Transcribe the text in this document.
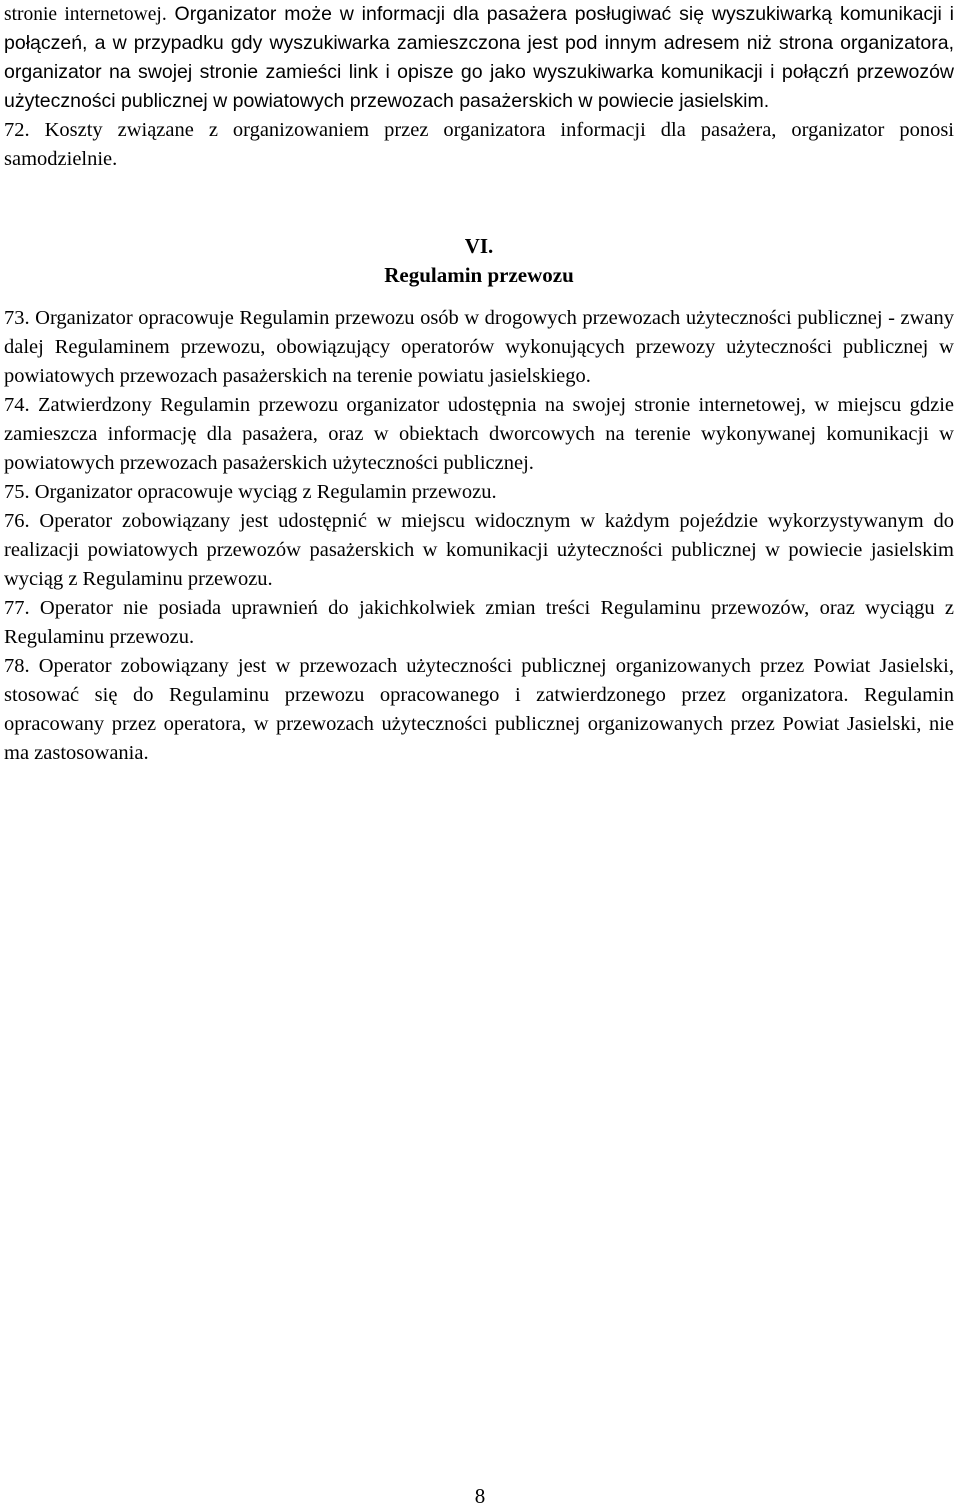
stronie internetowej. Organizator może w informacji dla pasażera posługiwać się wyszukiwarką komunikacji i połączeń, a w przypadku gdy wyszukiwarka zamieszczona jest pod innym adresem niż strona organizatora, organizator na swojej stronie zamieści link i opisze go jako wyszukiwarka komunikacji i połączń przewozów użyteczności publicznej w powiatowych przewozach pasażerskich w powiecie jasielskim.

72. Koszty związane z organizowaniem przez organizatora informacji dla pasażera, organizator ponosi samodzielnie.

VI.

Regulamin przewozu

73. Organizator opracowuje Regulamin przewozu osób w drogowych przewozach użyteczności publicznej - zwany dalej Regulaminem przewozu, obowiązujący operatorów wykonujących przewozy użyteczności publicznej w powiatowych przewozach pasażerskich na terenie powiatu jasielskiego.

74. Zatwierdzony Regulamin przewozu organizator udostępnia na swojej stronie internetowej, w miejscu gdzie zamieszcza informację dla pasażera, oraz w obiektach dworcowych na terenie wykonywanej komunikacji w powiatowych przewozach pasażerskich użyteczności publicznej.

75. Organizator opracowuje wyciąg z Regulamin przewozu.

76. Operator zobowiązany jest udostępnić w miejscu widocznym w każdym pojeździe wykorzystywanym do realizacji powiatowych przewozów pasażerskich w komunikacji użyteczności publicznej w powiecie jasielskim wyciąg z Regulaminu przewozu.

77. Operator nie posiada uprawnień do jakichkolwiek zmian treści Regulaminu przewozów, oraz wyciągu z Regulaminu przewozu.

78. Operator zobowiązany jest w przewozach użyteczności publicznej organizowanych przez Powiat Jasielski, stosować się do Regulaminu przewozu opracowanego i zatwierdzonego przez organizatora. Regulamin opracowany przez operatora, w przewozach użyteczności publicznej organizowanych przez Powiat Jasielski, nie ma zastosowania.

8
